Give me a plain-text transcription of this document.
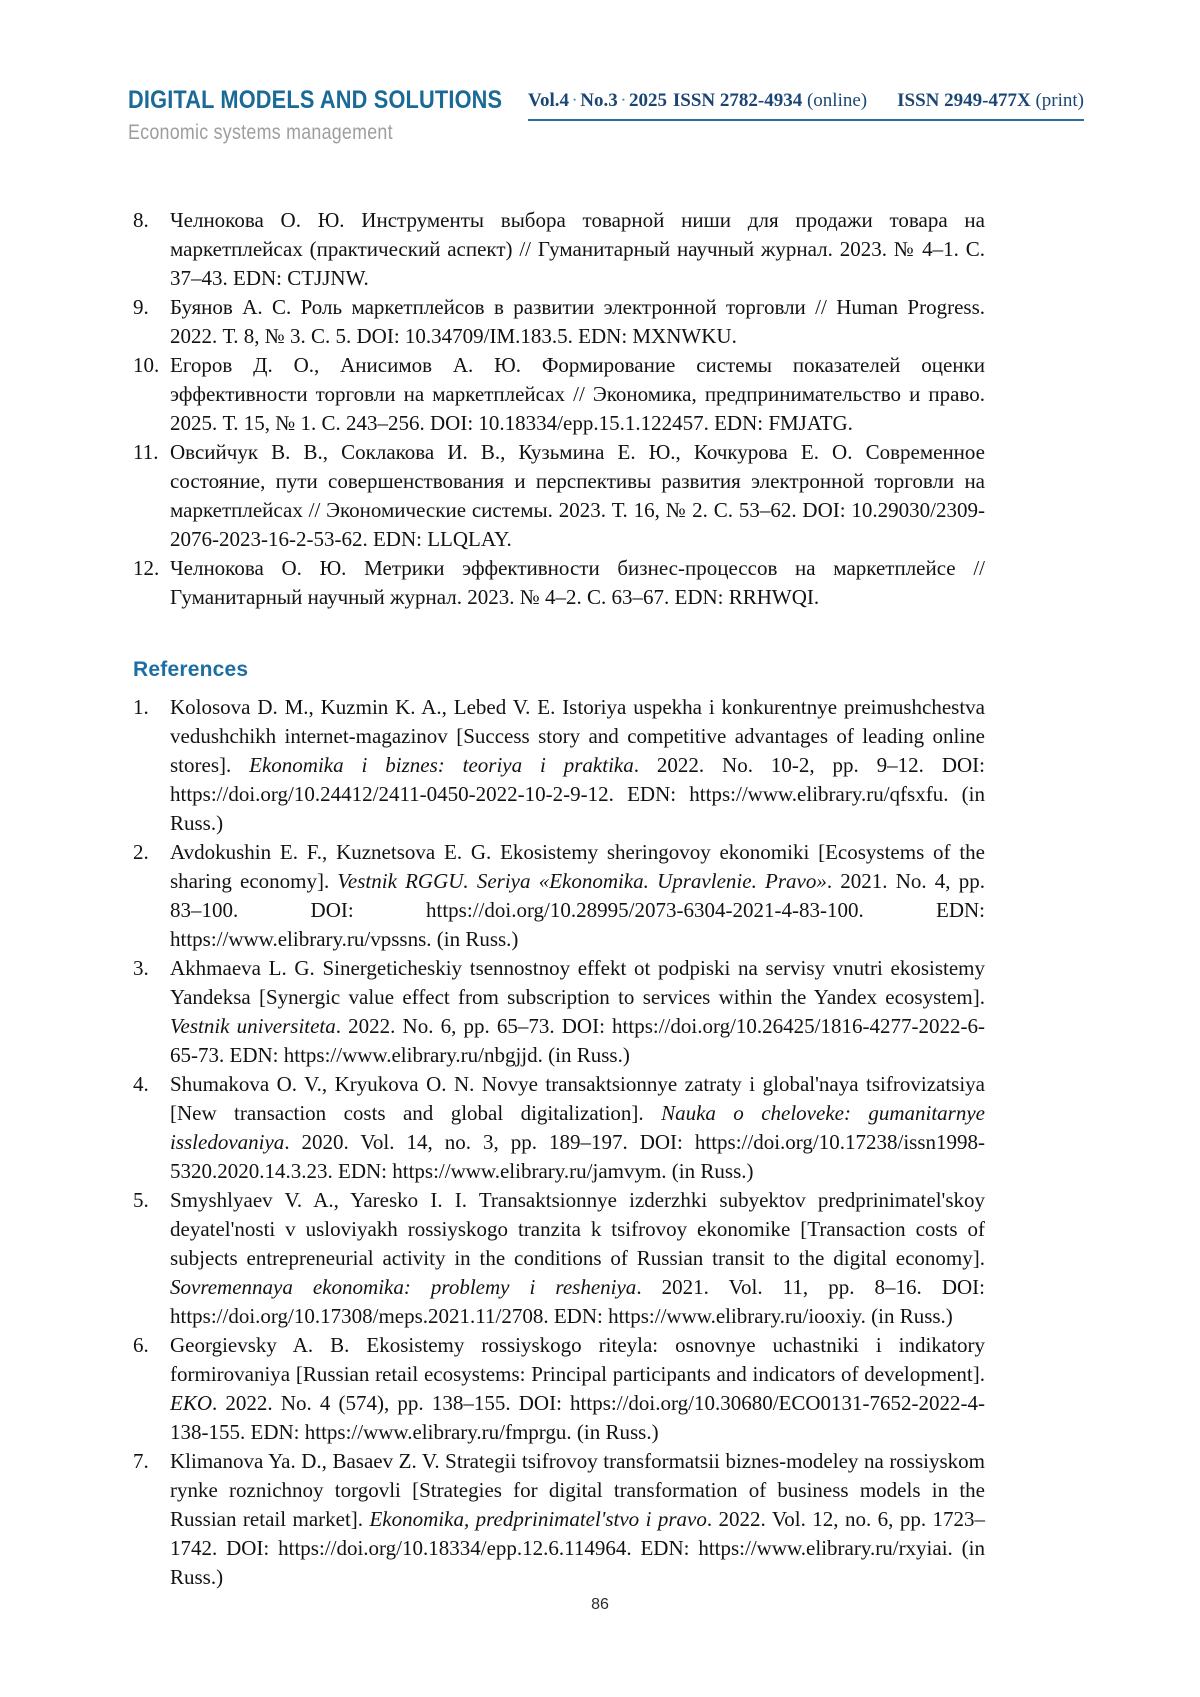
DIGITAL MODELS AND SOLUTIONS
Economic systems management
Vol.4 ∙ No.3 ∙ 2025 ISSN 2782-4934 (online) ISSN 2949-477X (print)
8. Челнокова О. Ю. Инструменты выбора товарной ниши для продажи товара на маркетплейсах (практический аспект) // Гуманитарный научный журнал. 2023. № 4–1. С. 37–43. EDN: CTJJNW.
9. Буянов А. С. Роль маркетплейсов в развитии электронной торговли // Human Progress. 2022. Т. 8, № 3. С. 5. DOI: 10.34709/IM.183.5. EDN: MXNWKU.
10. Егоров Д. О., Анисимов А. Ю. Формирование системы показателей оценки эффективности торговли на маркетплейсах // Экономика, предпринимательство и право. 2025. Т. 15, № 1. С. 243–256. DOI: 10.18334/epp.15.1.122457. EDN: FMJATG.
11. Овсийчук В. В., Соклакова И. В., Кузьмина Е. Ю., Кочкурова Е. О. Современное состояние, пути совершенствования и перспективы развития электронной торговли на маркетплейсах // Экономические системы. 2023. Т. 16, № 2. С. 53–62. DOI: 10.29030/2309-2076-2023-16-2-53-62. EDN: LLQLAY.
12. Челнокова О. Ю. Метрики эффективности бизнес-процессов на маркетплейсе // Гуманитарный научный журнал. 2023. № 4–2. С. 63–67. EDN: RRHWQI.
References
1. Kolosova D. M., Kuzmin K. A., Lebed V. E. Istoriya uspekha i konkurentnye preimushchestva vedushchikh internet-magazinov [Success story and competitive advantages of leading online stores]. Ekonomika i biznes: teoriya i praktika. 2022. No. 10-2, pp. 9–12. DOI: https://doi.org/10.24412/2411-0450-2022-10-2-9-12. EDN: https://www.elibrary.ru/qfsxfu. (in Russ.)
2. Avdokushin E. F., Kuznetsova E. G. Ekosistemy sheringovoy ekonomiki [Ecosystems of the sharing economy]. Vestnik RGGU. Seriya «Ekonomika. Upravlenie. Pravo». 2021. No. 4, pp. 83–100. DOI: https://doi.org/10.28995/2073-6304-2021-4-83-100. EDN: https://www.elibrary.ru/vpssns. (in Russ.)
3. Akhmaeva L. G. Sinergeticheskiy tsennostnoy effekt ot podpiski na servisy vnutri ekosistemy Yandeksa [Synergic value effect from subscription to services within the Yandex ecosystem]. Vestnik universiteta. 2022. No. 6, pp. 65–73. DOI: https://doi.org/10.26425/1816-4277-2022-6-65-73. EDN: https://www.elibrary.ru/nbgjjd. (in Russ.)
4. Shumakova O. V., Kryukova O. N. Novye transaktsionnye zatraty i global'naya tsifrovizatsiya [New transaction costs and global digitalization]. Nauka o cheloveke: gumanitarnye issledovaniya. 2020. Vol. 14, no. 3, pp. 189–197. DOI: https://doi.org/10.17238/issn1998-5320.2020.14.3.23. EDN: https://www.elibrary.ru/jamvym. (in Russ.)
5. Smyshlyaev V. A., Yaresko I. I. Transaktsionnye izderzhki subyektov predprinimatel'skoy deyatel'nosti v usloviyakh rossiyskogo tranzita k tsifrovoy ekonomike [Transaction costs of subjects entrepreneurial activity in the conditions of Russian transit to the digital economy]. Sovremennaya ekonomika: problemy i resheniya. 2021. Vol. 11, pp. 8–16. DOI: https://doi.org/10.17308/meps.2021.11/2708. EDN: https://www.elibrary.ru/iooxiy. (in Russ.)
6. Georgievsky A. B. Ekosistemy rossiyskogo riteyla: osnovnye uchastniki i indikatory formirovaniya [Russian retail ecosystems: Principal participants and indicators of development]. EKO. 2022. No. 4 (574), pp. 138–155. DOI: https://doi.org/10.30680/ECO0131-7652-2022-4-138-155. EDN: https://www.elibrary.ru/fmprgu. (in Russ.)
7. Klimanova Ya. D., Basaev Z. V. Strategii tsifrovoy transformatsii biznes-modeley na rossiyskom rynke roznichnoy torgovli [Strategies for digital transformation of business models in the Russian retail market]. Ekonomika, predprinimatel'stvo i pravo. 2022. Vol. 12, no. 6, pp. 1723–1742. DOI: https://doi.org/10.18334/epp.12.6.114964. EDN: https://www.elibrary.ru/rxyiai. (in Russ.)
86
